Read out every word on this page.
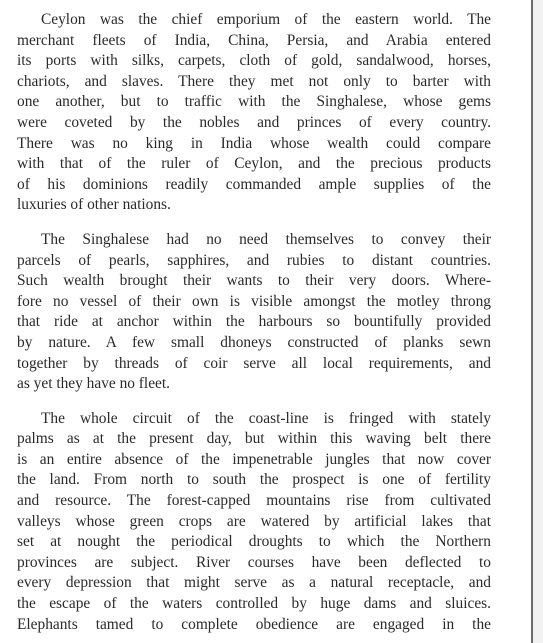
Ceylon was the chief emporium of the eastern world. The
merchant fleets of India, China, Persia, and Arabia entered
its ports with silks, carpets, cloth of gold, sandalwood, horses,
chariots, and slaves. There they met not only to barter with
one another, but to traffic with the Singhalese, whose gems
were coveted by the nobles and princes of every country.
There was no king in India whose wealth could compare
with that of the ruler of Ceylon, and the precious products
of his dominions readily commanded ample supplies of the
luxuries of other nations.

The Singhalese had no need themselves to convey their
parcels of pearls, sapphires, and rubies to distant countries.
Such wealth brought their wants to their very doors. Where-
fore no vessel of their own is visible amongst the motley throng
that ride at anchor within the harbours so bountifully provided
by nature. A few small dhoneys constructed of planks sewn
together by threads of coir serve all local requirements, and
as yet they have no fleet.

The whole circuit of the coast-line is fringed with stately
palms as at the present day, but within this waving belt there
is an entire absence of the impenetrable jungles that now cover
the land. From north to south the prospect is one of fertility
and resource. The forest-capped mountains rise from cultivated
valleys whose green crops are watered by artificial lakes that
set at nought the periodical droughts to which the Northern
provinces are subject. River courses have been deflected to
every depression that might serve as a natural receptacle, and
the escape of the waters controlled by huge dams and sluices.
Elephants tamed to complete obedience are engaged in the
